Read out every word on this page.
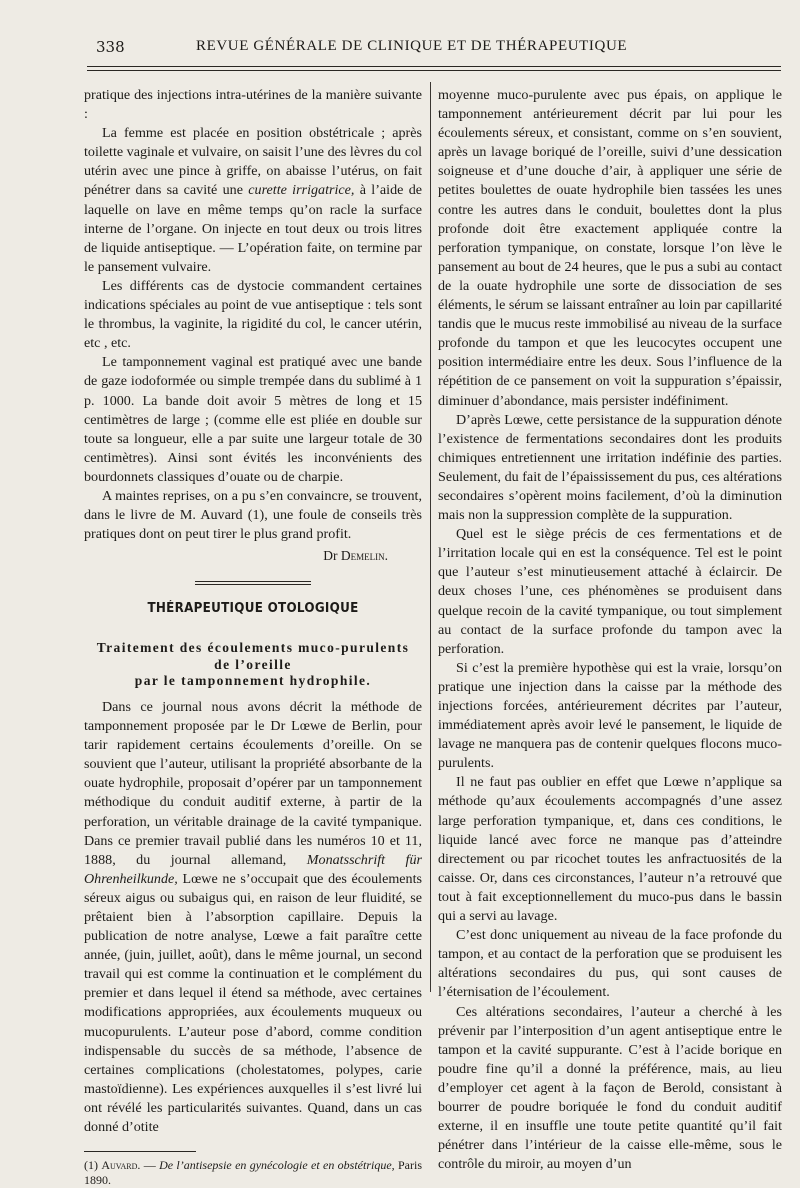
338	REVUE GÉNÉRALE DE CLINIQUE ET DE THÉRAPEUTIQUE

pratique des injections intra-utérines de la manière suivante :

La femme est placée en position obstétricale ; après toilette vaginale et vulvaire, on saisit l’une des lèvres du col utérin avec une pince à griffe, on abaisse l’utérus, on fait pénétrer dans sa cavité une curette irrigatrice, à l’aide de laquelle on lave en même temps qu’on racle la surface interne de l’organe. On injecte en tout deux ou trois litres de liquide antiseptique. — L’opération faite, on termine par le pansement vulvaire.

Les différents cas de dystocie commandent certaines indications spéciales au point de vue antiseptique : tels sont le thrombus, la vaginite, la rigidité du col, le cancer utérin, etc , etc.

Le tamponnement vaginal est pratiqué avec une bande de gaze iodoformée ou simple trempée dans du sublimé à 1 p. 1000. La bande doit avoir 5 mètres de long et 15 centimètres de large ; (comme elle est pliée en double sur toute sa longueur, elle a par suite une largeur totale de 30 centimètres). Ainsi sont évités les inconvénients des bourdonnets classiques d’ouate ou de charpie.

A maintes reprises, on a pu s’en convaincre, se trouvent, dans le livre de M. Auvard (1), une foule de conseils très pratiques dont on peut tirer le plus grand profit.

Dr Demelin.

THÉRAPEUTIQUE OTOLOGIQUE

Traitement des écoulements muco-purulents
de l’oreille
par le tamponnement hydrophile.

Dans ce journal nous avons décrit la méthode de tamponnement proposée par le Dr Lœwe de Berlin, pour tarir rapidement certains écoulements d’oreille. On se souvient que l’auteur, utilisant la propriété absorbante de la ouate hydrophile, proposait d’opérer par un tamponnement méthodique du conduit auditif externe, à partir de la perforation, un véritable drainage de la cavité tympanique. Dans ce premier travail publié dans les numéros 10 et 11, 1888, du journal allemand, Monatsschrift für Ohrenheilkunde, Lœwe ne s’occupait que des écoulements séreux aigus ou subaigus qui, en raison de leur fluidité, se prêtaient bien à l’absorption capillaire. Depuis la publication de notre analyse, Lœwe a fait paraître cette année, (juin, juillet, août), dans le même journal, un second travail qui est comme la continuation et le complément du premier et dans lequel il étend sa méthode, avec certaines modifications appropriées, aux écoulements muqueux ou mucopurulents. L’auteur pose d’abord, comme condition indispensable du succès de sa méthode, l’absence de certaines complications (cholestatomes, polypes, carie mastoïdienne). Les expériences auxquelles il s’est livré lui ont révélé les particularités suivantes. Quand, dans un cas donné d’otite

(1) Auvard. — De l’antisepsie en gynécologie et en obstétrique, Paris 1890.

moyenne muco-purulente avec pus épais, on applique le tamponnement antérieurement décrit par lui pour les écoulements séreux, et consistant, comme on s’en souvient, après un lavage boriqué de l’oreille, suivi d’une dessication soigneuse et d’une douche d’air, à appliquer une série de petites boulettes de ouate hydrophile bien tassées les unes contre les autres dans le conduit, boulettes dont la plus profonde doit être exactement appliquée contre la perforation tympanique, on constate, lorsque l’on lève le pansement au bout de 24 heures, que le pus a subi au contact de la ouate hydrophile une sorte de dissociation de ses éléments, le sérum se laissant entraîner au loin par capillarité tandis que le mucus reste immobilisé au niveau de la surface profonde du tampon et que les leucocytes occupent une position intermédiaire entre les deux. Sous l’influence de la répétition de ce pansement on voit la suppuration s’épaissir, diminuer d’abondance, mais persister indéfiniment.

D’après Lœwe, cette persistance de la suppuration dénote l’existence de fermentations secondaires dont les produits chimiques entretiennent une irritation indéfinie des parties. Seulement, du fait de l’épaississement du pus, ces altérations secondaires s’opèrent moins facilement, d’où la diminution mais non la suppression complète de la suppuration.

Quel est le siège précis de ces fermentations et de l’irritation locale qui en est la conséquence. Tel est le point que l’auteur s’est minutieusement attaché à éclaircir. De deux choses l’une, ces phénomènes se produisent dans quelque recoin de la cavité tympanique, ou tout simplement au contact de la surface profonde du tampon avec la perforation.

Si c’est la première hypothèse qui est la vraie, lorsqu’on pratique une injection dans la caisse par la méthode des injections forcées, antérieurement décrites par l’auteur, immédiatement après avoir levé le pansement, le liquide de lavage ne manquera pas de contenir quelques flocons muco-purulents.

Il ne faut pas oublier en effet que Lœwe n’applique sa méthode qu’aux écoulements accompagnés d’une assez large perforation tympanique, et, dans ces conditions, le liquide lancé avec force ne manque pas d’atteindre directement ou par ricochet toutes les anfractuosités de la caisse. Or, dans ces circonstances, l’auteur n’a retrouvé que tout à fait exceptionnellement du muco-pus dans le bassin qui a servi au lavage.

C’est donc uniquement au niveau de la face profonde du tampon, et au contact de la perforation que se produisent les altérations secondaires du pus, qui sont causes de l’éternisation de l’écoulement.

Ces altérations secondaires, l’auteur a cherché à les prévenir par l’interposition d’un agent antiseptique entre le tampon et la cavité suppurante. C’est à l’acide borique en poudre fine qu’il a donné la préférence, mais, au lieu d’employer cet agent à la façon de Berold, consistant à bourrer de poudre boriquée le fond du conduit auditif externe, il en insuffle une toute petite quantité qu’il fait pénétrer dans l’intérieur de la caisse elle-même, sous le contrôle du miroir, au moyen d’un
